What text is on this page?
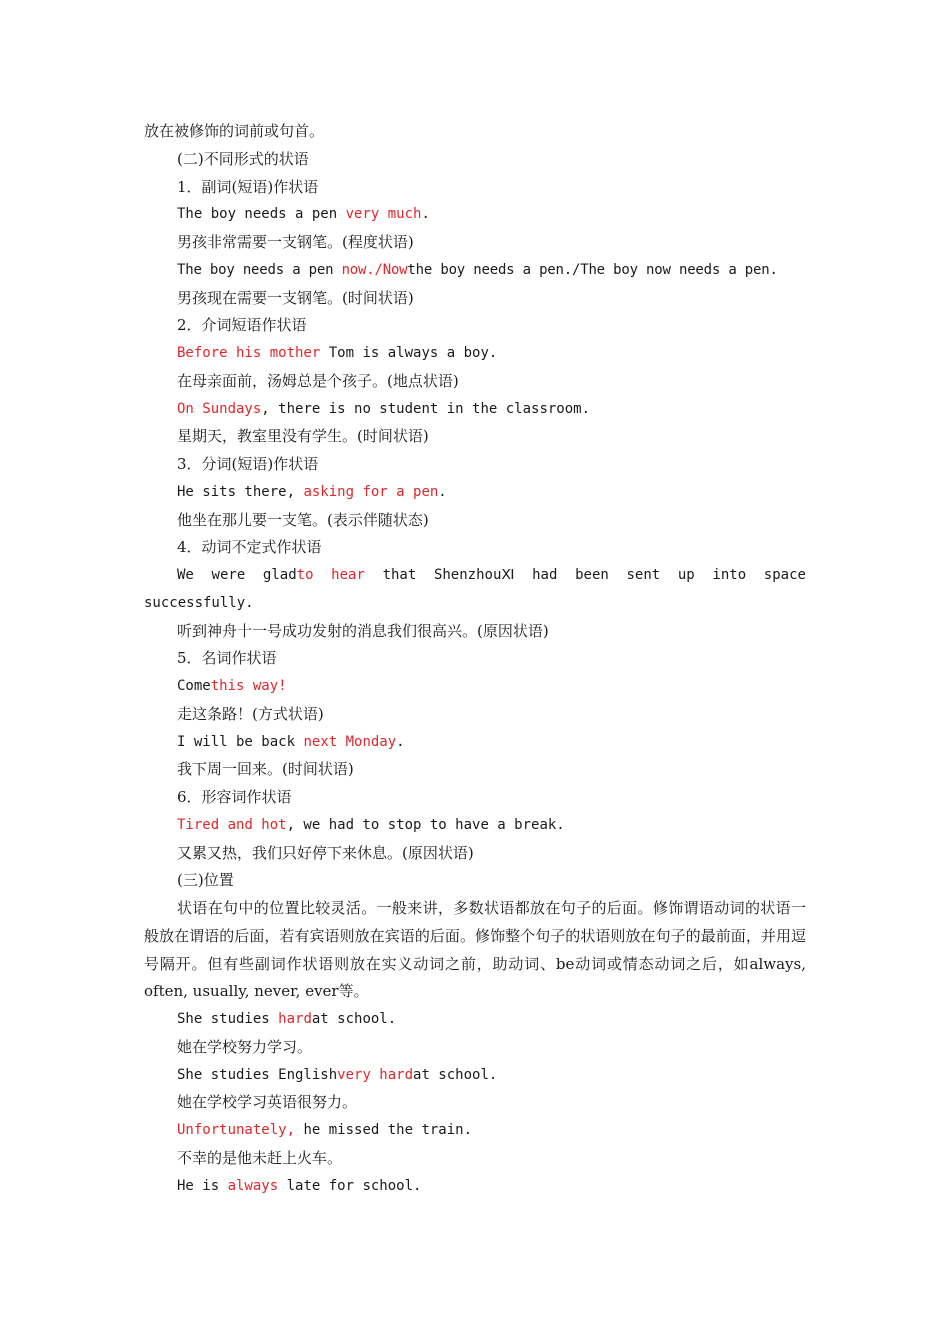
放在被修饰的词前或句首。
(二)不同形式的状语
1．副词(短语)作状语
The boy needs a pen very much.
男孩非常需要一支钢笔。(程度状语)
The boy needs a pen now./Nowthe boy needs a pen./The boy now needs a pen.
男孩现在需要一支钢笔。(时间状语)
2．介词短语作状语
Before his mother Tom is always a boy.
在母亲面前，汤姆总是个孩子。(地点状语)
On Sundays, there is no student in the classroom.
星期天，教室里没有学生。(时间状语)
3．分词(短语)作状语
He sits there, asking for a pen.
他坐在那儿要一支笔。(表示伴随状态)
4．动词不定式作状语
We were gladto hear that ShenzhouⅪ had been sent up into space
successfully.
听到神舟十一号成功发射的消息我们很高兴。(原因状语)
5．名词作状语
Comethis way!
走这条路！(方式状语)
I will be back next Monday.
我下周一回来。(时间状语)
6．形容词作状语
Tired and hot, we had to stop to have a break.
又累又热，我们只好停下来休息。(原因状语)
(三)位置
状语在句中的位置比较灵活。一般来讲，多数状语都放在句子的后面。修饰谓语动词的状语一般放在谓语的后面，若有宾语则放在宾语的后面。修饰整个句子的状语则放在句子的最前面，并用逗号隔开。但有些副词作状语则放在实义动词之前，助动词、be动词或情态动词之后，如always, often, usually, never, ever等。
She studies hardat school.
她在学校努力学习。
She studies Englishvery hardat school.
她在学校学习英语很努力。
Unfortunately, he missed the train.
不幸的是他未赶上火车。
He is always late for school.
